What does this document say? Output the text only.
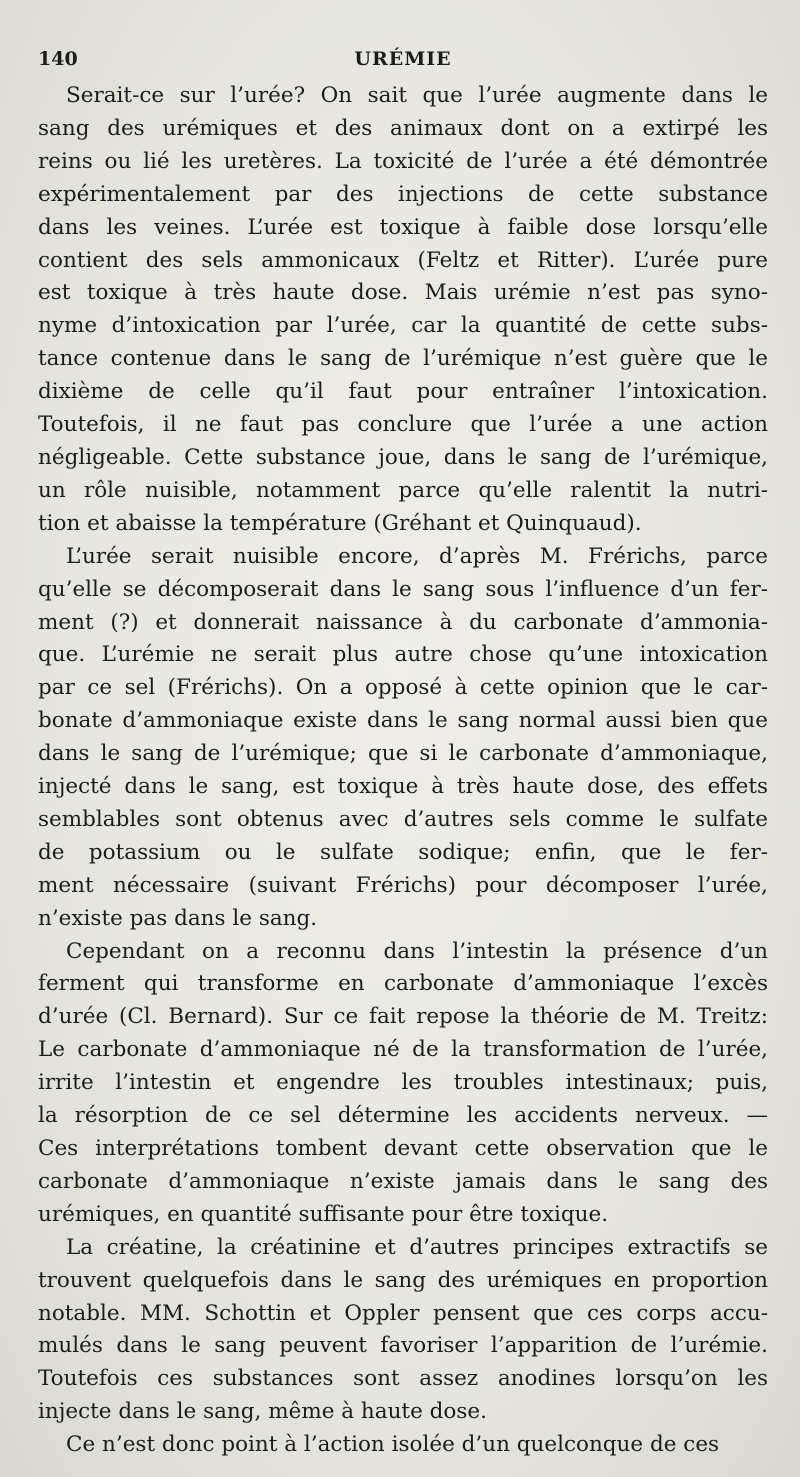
140	URÉMIE
Serait-ce sur l’urée? On sait que l’urée augmente dans le
sang des urémiques et des animaux dont on a extirpé les
reins ou lié les uretères. La toxicité de l’urée a été démontrée
expérimentalement par des injections de cette substance
dans les veines. L’urée est toxique à faible dose lorsqu’elle
contient des sels ammonicaux (Feltz et Ritter). L’urée pure
est toxique à très haute dose. Mais urémie n’est pas syno-
nyme d’intoxication par l’urée, car la quantité de cette subs-
tance contenue dans le sang de l’urémique n’est guère que le
dixième de celle qu’il faut pour entraîner l’intoxication.
Toutefois, il ne faut pas conclure que l’urée a une action
négligeable. Cette substance joue, dans le sang de l’urémique,
un rôle nuisible, notamment parce qu’elle ralentit la nutri-
tion et abaisse la température (Gréhant et Quinquaud).
L’urée serait nuisible encore, d’après M. Frérichs, parce
qu’elle se décomposerait dans le sang sous l’influence d’un fer-
ment (?) et donnerait naissance à du carbonate d’ammonia-
que. L’urémie ne serait plus autre chose qu’une intoxication
par ce sel (Frérichs). On a opposé à cette opinion que le car-
bonate d’ammoniaque existe dans le sang normal aussi bien que
dans le sang de l’urémique; que si le carbonate d’ammoniaque,
injecté dans le sang, est toxique à très haute dose, des effets
semblables sont obtenus avec d’autres sels comme le sulfate
de potassium ou le sulfate sodique; enfin, que le fer-
ment nécessaire (suivant Frérichs) pour décomposer l’urée,
n’existe pas dans le sang.
Cependant on a reconnu dans l’intestin la présence d’un
ferment qui transforme en carbonate d’ammoniaque l’excès
d’urée (Cl. Bernard). Sur ce fait repose la théorie de M. Treitz:
Le carbonate d’ammoniaque né de la transformation de l’urée,
irrite l’intestin et engendre les troubles intestinaux; puis,
la résorption de ce sel détermine les accidents nerveux. —
Ces interprétations tombent devant cette observation que le
carbonate d’ammoniaque n’existe jamais dans le sang des
urémiques, en quantité suffisante pour être toxique.
La créatine, la créatinine et d’autres principes extractifs se
trouvent quelquefois dans le sang des urémiques en proportion
notable. MM. Schottin et Oppler pensent que ces corps accu-
mulés dans le sang peuvent favoriser l’apparition de l’urémie.
Toutefois ces substances sont assez anodines lorsqu’on les
injecte dans le sang, même à haute dose.
Ce n’est donc point à l’action isolée d’un quelconque de ces
